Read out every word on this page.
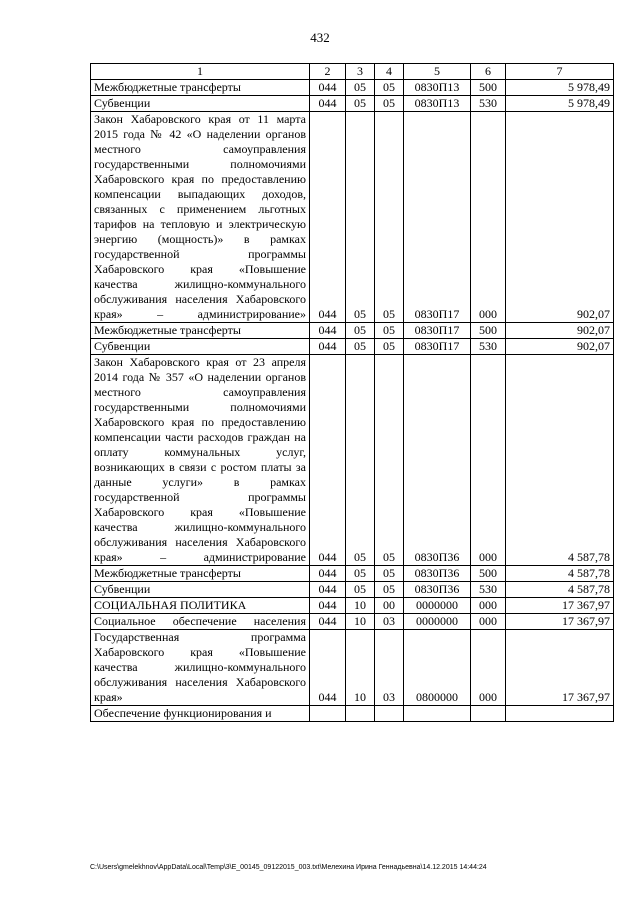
432
1	2	3	4	5	6	7
Межбюджетные трансферты	044	05	05	0830П13	500	5 978,49
Субвенции	044	05	05	0830П13	530	5 978,49
Закон Хабаровского края от 11 марта 2015 года № 42 «О наделении органов местного самоуправления государственными полномочиями Хабаровского края по предоставлению компенсации выпадающих доходов, связанных с применением льготных тарифов на тепловую и электрическую энергию (мощность)» в рамках государственной программы Хабаровского края «Повышение качества жилищно-коммунального обслуживания населения Хабаровского края» – администрирование»	044	05	05	0830П17	000	902,07
Межбюджетные трансферты	044	05	05	0830П17	500	902,07
Субвенции	044	05	05	0830П17	530	902,07
Закон Хабаровского края от 23 апреля 2014 года № 357 «О наделении органов местного самоуправления государственными полномочиями Хабаровского края по предоставлению компенсации части расходов граждан на оплату коммунальных услуг, возникающих в связи с ростом платы за данные услуги» в рамках государственной программы Хабаровского края «Повышение качества жилищно-коммунального обслуживания населения Хабаровского края» – администрирование	044	05	05	0830П36	000	4 587,78
Межбюджетные трансферты	044	05	05	0830П36	500	4 587,78
Субвенции	044	05	05	0830П36	530	4 587,78
СОЦИАЛЬНАЯ ПОЛИТИКА	044	10	00	0000000	000	17 367,97
Социальное обеспечение населения	044	10	03	0000000	000	17 367,97
Государственная программа Хабаровского края «Повышение качества жилищно-коммунального обслуживания населения Хабаровского края»	044	10	03	0800000	000	17 367,97
Обеспечение функционирования и						
C:\Users\gmelekhnov\AppData\Local\Temp\3\E_00145_09122015_003.txt\Мелехина Ирина Геннадьевна\14.12.2015 14:44:24
